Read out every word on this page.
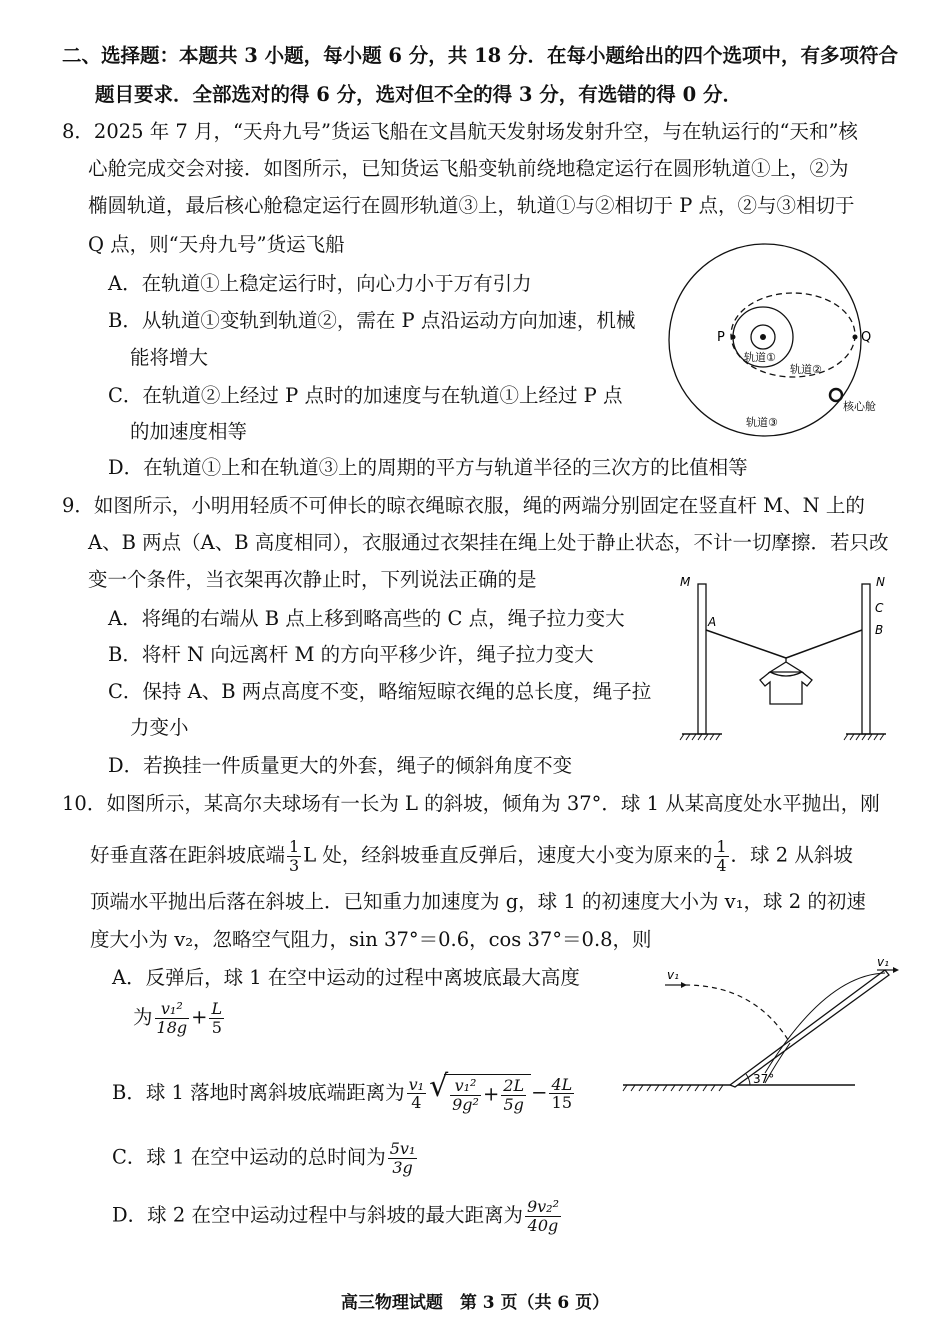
二、选择题：本题共 3 小题，每小题 6 分，共 18 分．在每小题给出的四个选项中，有多项符合
题目要求．全部选对的得 6 分，选对但不全的得 3 分，有选错的得 0 分．
8．2025 年 7 月，“天舟九号”货运飞船在文昌航天发射场发射升空，与在轨运行的“天和”核
心舱完成交会对接．如图所示，已知货运飞船变轨前绕地稳定运行在圆形轨道①上，②为
椭圆轨道，最后核心舱稳定运行在圆形轨道③上，轨道①与②相切于 P 点，②与③相切于
Q 点，则“天舟九号”货运飞船
A．在轨道①上稳定运行时，向心力小于万有引力
B．从轨道①变轨到轨道②，需在 P 点沿运动方向加速，机械
能将增大
C．在轨道②上经过 P 点时的加速度与在轨道①上经过 P 点
的加速度相等
D．在轨道①上和在轨道③上的周期的平方与轨道半径的三次方的比值相等
P	Q
轨道①
轨道②
轨道③
核心舱
9．如图所示，小明用轻质不可伸长的晾衣绳晾衣服，绳的两端分别固定在竖直杆 M、N 上的
A、B 两点（A、B 高度相同），衣服通过衣架挂在绳上处于静止状态，不计一切摩擦．若只改
变一个条件，当衣架再次静止时，下列说法正确的是
A．将绳的右端从 B 点上移到略高些的 C 点，绳子拉力变大
B．将杆 N 向远离杆 M 的方向平移少许，绳子拉力变大
C．保持 A、B 两点高度不变，略缩短晾衣绳的总长度，绳子拉
力变小
D．若换挂一件质量更大的外套，绳子的倾斜角度不变
M	N
A
B
C
10．如图所示，某高尔夫球场有一长为 L 的斜坡，倾角为 37°．球 1 从某高度处水平抛出，刚
好垂直落在距斜坡底端 $\frac{1}{3}$ L 处，经斜坡垂直反弹后，速度大小变为原来的 $\frac{1}{4}$ ．球 2 从斜坡
顶端水平抛出后落在斜坡上．已知重力加速度为 g，球 1 的初速度大小为 v₁，球 2 的初速
度大小为 v₂，忽略空气阻力，sin 37°＝0.6，cos 37°＝0.8，则
A．反弹后，球 1 在空中运动的过程中离坡底最大高度
为 $\frac{\text{v₁²}}{18g} + \frac{L}{5}$
B．球 1 落地时离斜坡底端距离为 $\frac{\text{v₁}}{4}$
√ $\frac{\text{v₁²}}{\text{9g²}} + \frac{2L}{5g} - \frac{4L}{15}$
C．球 1 在空中运动的总时间为 $\frac{\text{5v₁}}{3g}$
D．球 2 在空中运动过程中与斜坡的最大距离为 $\frac{\text{9v₂²}}{40g}$
v₁
v₁
37°
高三物理试题　第 3 页（共 6 页）
